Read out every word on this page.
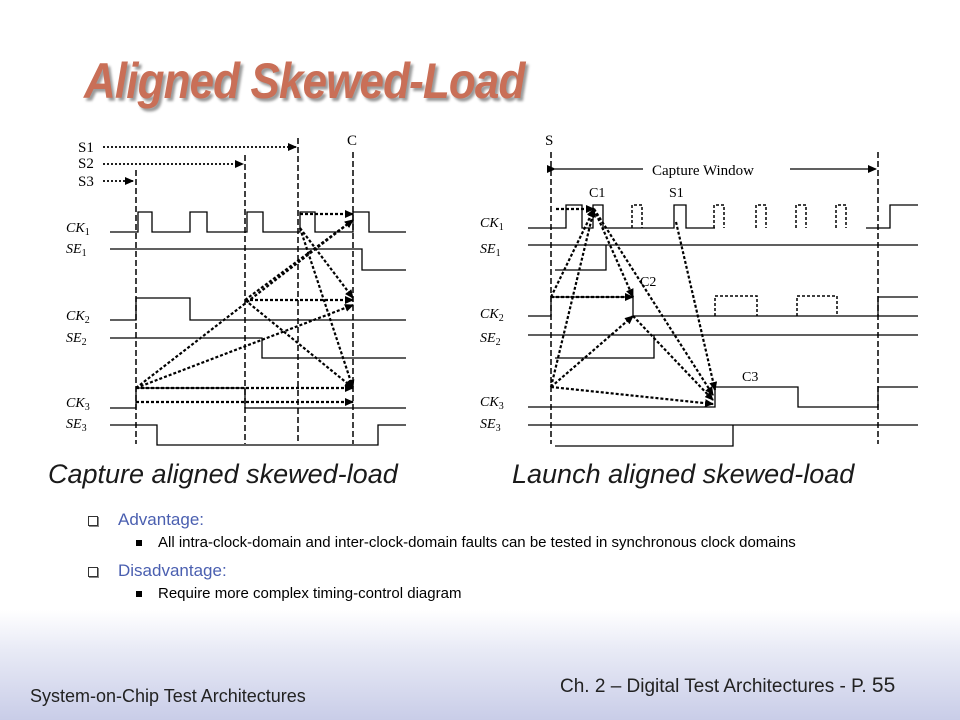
Aligned Skewed-Load
S1
S2
S3
C
$CK_1$
$SE_1$
$CK_2$
$SE_2$
$CK_3$
$SE_3$
S
Capture Window
C1	S1
C2
C3
$CK_1$
$SE_1$
$CK_2$
$SE_2$
$CK_3$
$SE_3$
Capture aligned skewed-load	Launch aligned skewed-load
Advantage:
All intra-clock-domain and inter-clock-domain faults can be tested in synchronous clock domains
Disadvantage:
Require more complex timing-control diagram
System-on-Chip Test Architectures	Ch. 2 – Digital Test Architectures - P. 55
